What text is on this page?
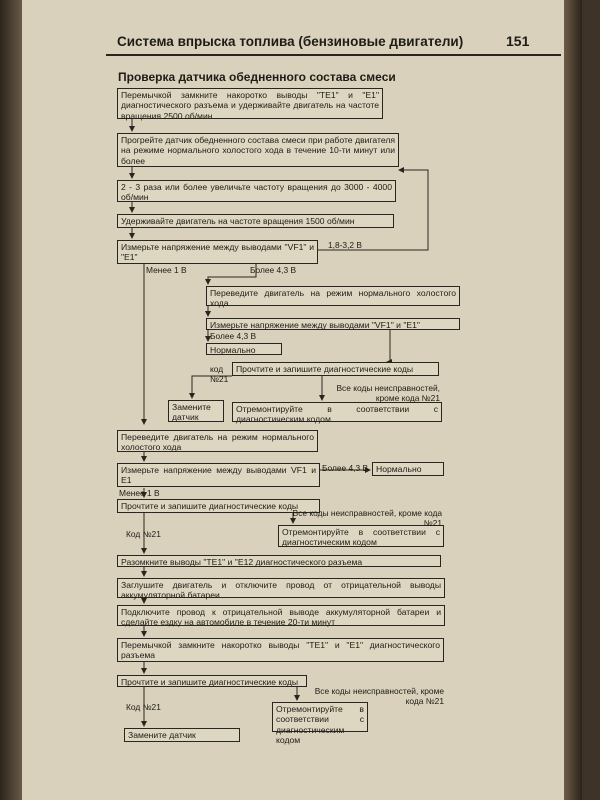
Система впрыска топлива (бензиновые двигатели)	151
Проверка датчика обедненного состава смеси
Перемычкой замкните накоротко выводы "TE1" и "E1" диагностического разъема и удерживайте двигатель на частоте вращения 2500 об/мин
Прогрейте датчик обедненного состава смеси при работе двигателя на режиме нормального холостого хода в течение 10-ти минут или более
2 - 3 раза или более увеличьте частоту вращения до 3000 - 4000 об/мин
Удерживайте двигатель на частоте вращения 1500 об/мин
Измерьте напряжение между выводами "VF1" и "E1"
Переведите двигатель на режим нормального холостого хода
Измерьте напряжение между выводами "VF1" и "E1"
Нормально
Прочтите и запишите диагностические коды
Замените датчик
Отремонтируйте в соответствии с диагностическим кодом
Переведите двигатель на режим нормального холостого хода
Измерьте напряжение между выводами VF1 и E1
Нормально
Прочтите и запишите диагностические коды
Отремонтируйте в соответствии с диагностическим кодом
Разомкните выводы "TE1" и "E12 диагностического разъема
Заглушите двигатель и отключите провод от отрицательной выводы аккумуляторной батареи
Подключите провод к отрицательной выводе аккумуляторной батареи и сделайте ездку на автомобиле в течение 20-ти минут
Перемычкой замкните накоротко выводы "TE1" и "E1" диагностического разъема
Прочтите и запишите диагностические коды
Отремонтируйте в соответствии с диагностическим кодом
Замените датчик
1,8-3,2 В
Менее 1 В	Более 4,3 В
Более 4,3 В
код
№21
Все коды неисправностей, кроме кода №21
Более 4,3 В
Менее 1 В
Все коды неисправностей, кроме кода №21
Код №21
Все коды неисправностей, кроме кода №21
Код №21
